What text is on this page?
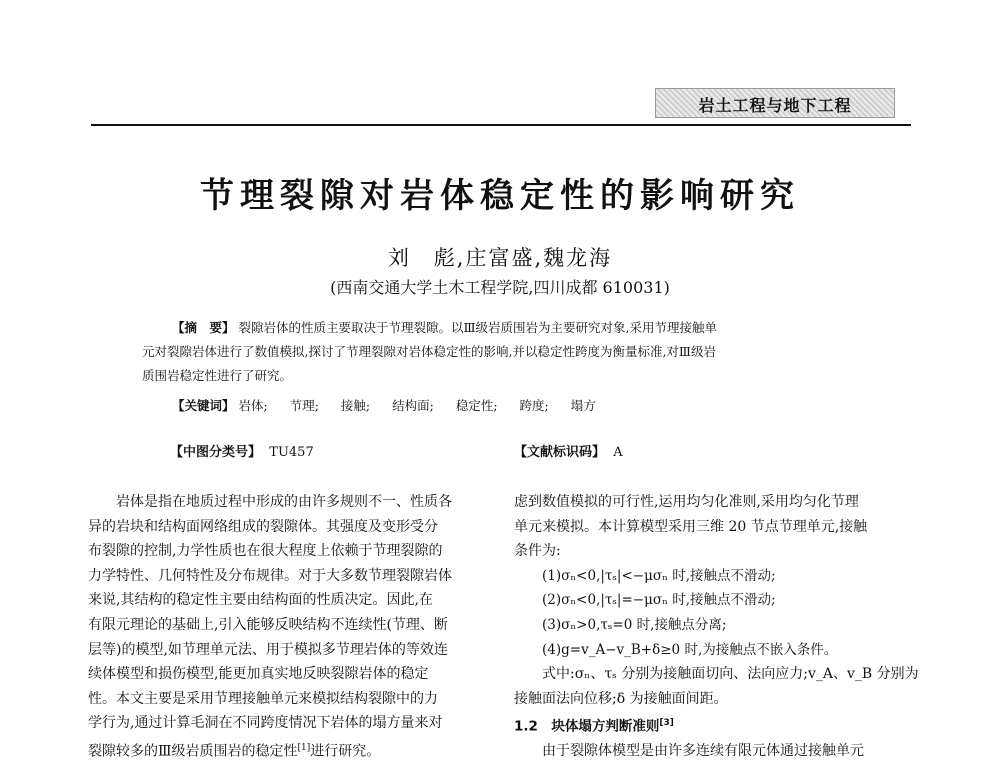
岩土工程与地下工程
节理裂隙对岩体稳定性的影响研究
刘　彪,庄富盛,魏龙海
(西南交通大学土木工程学院,四川成都 610031)
【摘　要】 裂隙岩体的性质主要取决于节理裂隙。以Ⅲ级岩质围岩为主要研究对象,采用节理接触单
元对裂隙岩体进行了数值模拟,探讨了节理裂隙对岩体稳定性的影响,并以稳定性跨度为衡量标准,对Ⅲ级岩
质围岩稳定性进行了研究。
【关键词】 岩体; 节理; 接触; 结构面; 稳定性; 跨度; 塌方
【中图分类号】 TU457	【文献标识码】 A
岩体是指在地质过程中形成的由许多规则不一、性质各
异的岩块和结构面网络组成的裂隙体。其强度及变形受分
布裂隙的控制,力学性质也在很大程度上依赖于节理裂隙的
力学特性、几何特性及分布规律。对于大多数节理裂隙岩体
来说,其结构的稳定性主要由结构面的性质决定。因此,在
有限元理论的基础上,引入能够反映结构不连续性(节理、断
层等)的模型,如节理单元法、用于模拟多节理岩体的等效连
续体模型和损伤模型,能更加真实地反映裂隙岩体的稳定
性。本文主要是采用节理接触单元来模拟结构裂隙中的力
学行为,通过计算毛洞在不同跨度情况下岩体的塌方量来对
裂隙较多的Ⅲ级岩质围岩的稳定性[1]进行研究。
虑到数值模拟的可行性,运用均匀化准则,采用均匀化节理
单元来模拟。本计算模型采用三维 20 节点节理单元,接触
条件为:
(1)σₙ<0,|τₛ|<−μσₙ 时,接触点不滑动;
(2)σₙ<0,|τₛ|=−μσₙ 时,接触点不滑动;
(3)σₙ>0,τₛ=0 时,接触点分离;
(4)g=v_A−v_B+δ≥0 时,为接触点不嵌入条件。
式中:σₙ、τₛ 分别为接触面切向、法向应力;v_A、v_B 分别为
接触面法向位移;δ 为接触面间距。
1.2　块体塌方判断准则[3]
由于裂隙体模型是由许多连续有限元体通过接触单元
